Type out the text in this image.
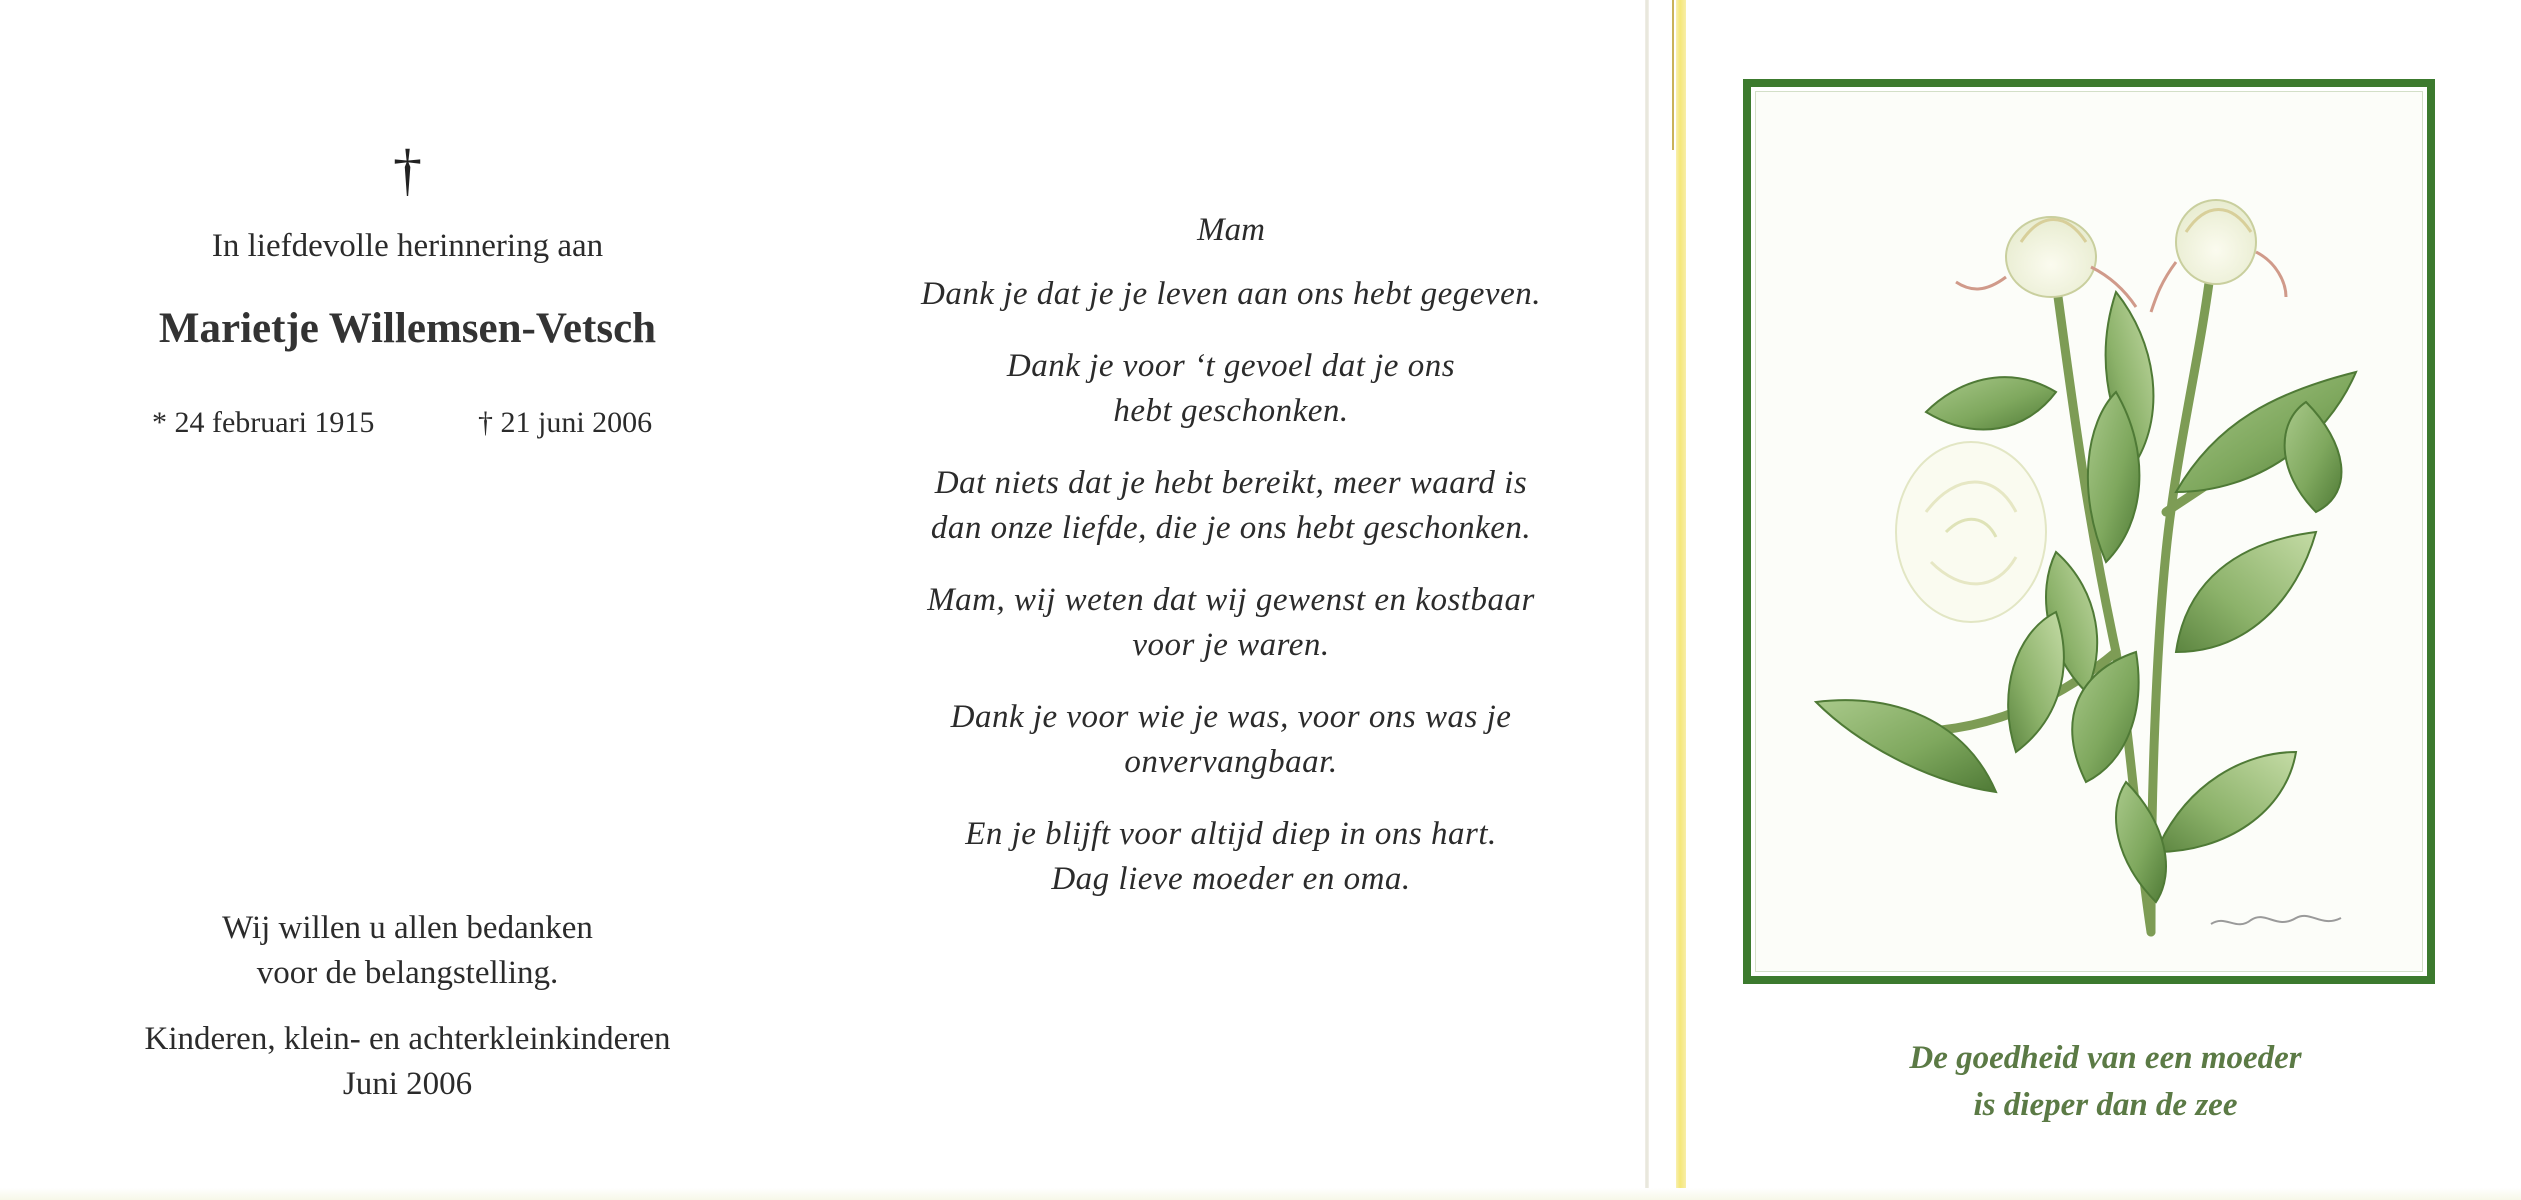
†
In liefdevolle herinnering aan
Marietje Willemsen-Vetsch
* 24 februari 1915	† 21 juni 2006
Wij willen u allen bedanken
voor de belangstelling.
Kinderen, klein- en achterkleinkinderen
Juni 2006
Mam
Dank je dat je je leven aan ons hebt gegeven.
Dank je voor ‘t gevoel dat je ons
hebt geschonken.
Dat niets dat je hebt bereikt, meer waard is
dan onze liefde, die je ons hebt geschonken.
Mam, wij weten dat wij gewenst en kostbaar
voor je waren.
Dank je voor wie je was, voor ons was je
onvervangbaar.
En je blijft voor altijd diep in ons hart.
Dag lieve moeder en oma.
De goedheid van een moeder
is dieper dan de zee
